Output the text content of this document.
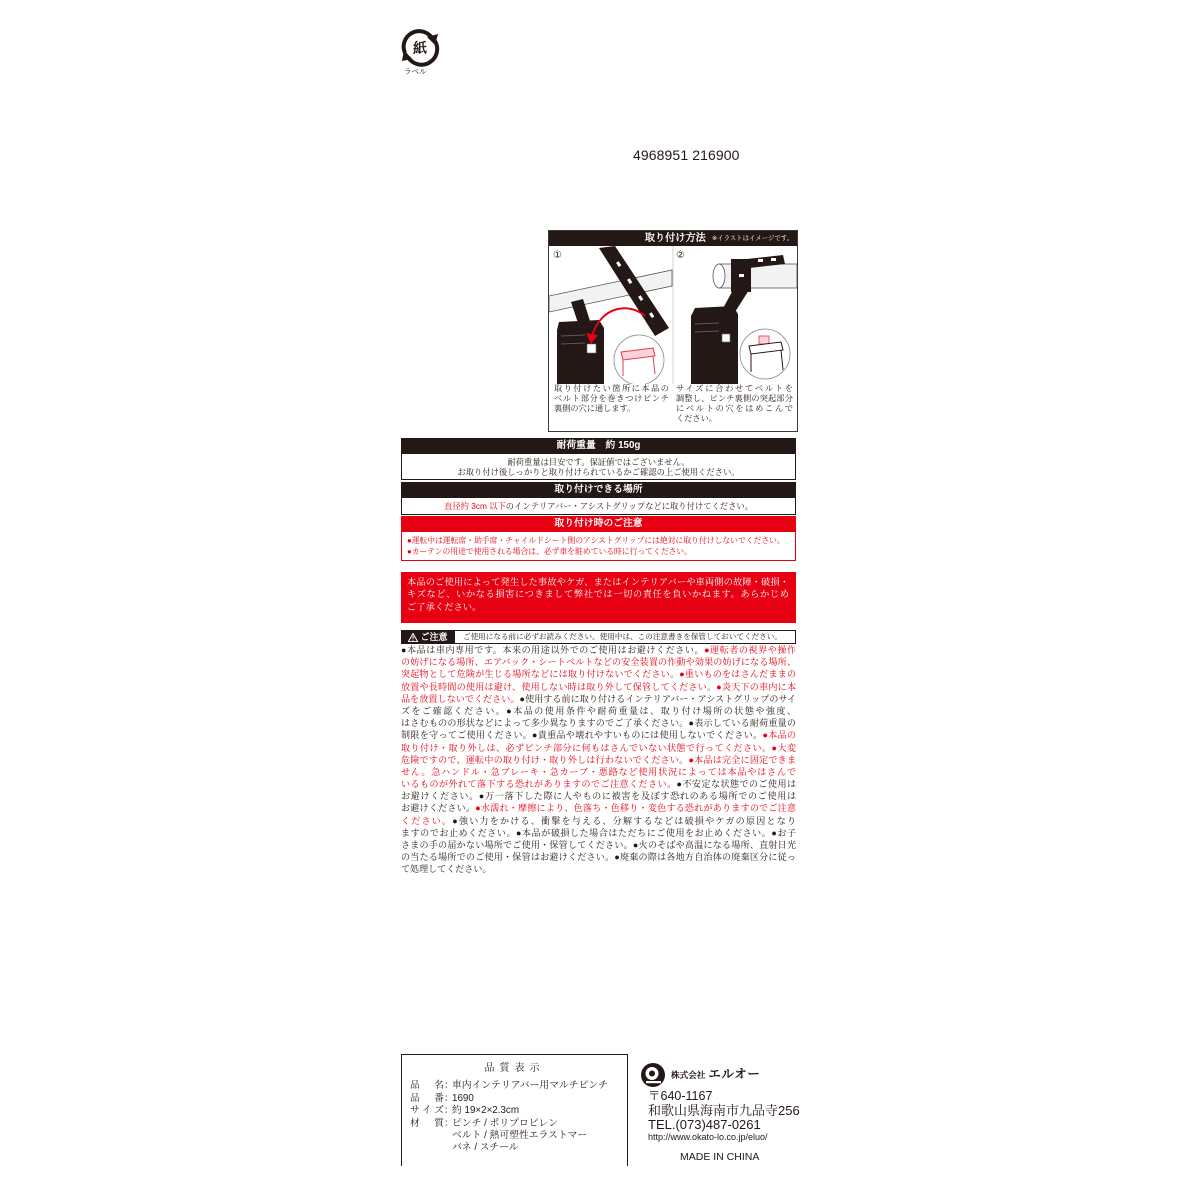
紙
ラベル
4968951 216900
取り付け方法 ※イラストはイメージです。
①	②
取り付けたい箇所に本品の
ベルト部分を巻きつけピンチ
裏側の穴に通します。
サイズに合わせてベルトを
調整し、ピンチ裏側の突起部分
にベルトの穴をはめこんで
ください。
耐荷重量　約 150g
耐荷重量は目安です。保証値ではございません。
お取り付け後しっかりと取り付けられているかご確認の上ご使用ください。
取り付けできる場所
直径約 3cm 以下のインテリアバー・アシストグリップなどに取り付けてください。
取り付け時のご注意
●運転中は運転席・助手席・チャイルドシート側のアシストグリップには絶対に取り付けしないでください。
●カーテンの用途で使用される場合は、必ず車を駐めている時に行ってください。
本品のご使用によって発生した事故やケガ、またはインテリアバーや車両側の故障・破損・
キズなど、いかなる損害につきまして弊社では一切の責任を負いかねます。あらかじめ
ご了承ください。
ご注意 ご使用になる前に必ずお読みください。使用中は、この注意書きを保管しておいてください。
●本品は車内専用です。本来の用途以外でのご使用はお避けください。●運転者の視界や操作
の妨げになる場所、エアバック・シートベルトなどの安全装置の作動や効果の妨げになる場所、
突起物として危険が生じる場所などには取り付けないでください。●重いものをはさんだままの
放置や長時間の使用は避け、使用しない時は取り外して保管してください。●炎天下の車内に本
品を放置しないでください。●使用する前に取り付けるインテリアバー・アシストグリップのサイ
ズをご確認ください。●本品の使用条件や耐荷重量は、取り付け場所の状態や強度、
はさむものの形状などによって多少異なりますのでご了承ください。●表示している耐荷重量の
制限を守ってご使用ください。●貴重品や壊れやすいものには使用しないでください。●本品の
取り付け・取り外しは、必ずピンチ部分に何もはさんでいない状態で行ってください。●大変
危険ですので、運転中の取り付け・取り外しは行わないでください。●本品は完全に固定できま
せん。急ハンドル・急ブレーキ・急カーブ・悪路など使用状況によっては本品やはさんで
いるものが外れて落下する恐れがありますのでご注意ください。●不安定な状態でのご使用は
お避けください。●万一落下した際に人やものに被害を及ぼす恐れのある場所でのご使用は
お避けください。●水濡れ・摩擦により、色落ち・色移り・変色する恐れがありますのでご注意
ください。●強い力をかける、衝撃を与える、分解するなどは破損やケガの原因となり
ますのでお止めください。●本品が破損した場合はただちにご使用をお止めください。●お子
さまの手の届かない場所でご使用・保管してください。●火のそばや高温になる場所、直射日光
の当たる場所でのご使用・保管はお避けください。●廃棄の際は各地方自治体の廃棄区分に従っ
て処理してください。
品質表示
品名：車内インテリアバー用マルチピンチ
品番：1690
サイズ：約 19×2×2.3cm
材質：ピンチ / ポリプロピレン
ベルト / 熱可塑性エラストマー
バネ / スチール
株式会社 エルオー
〒640-1167
和歌山県海南市九品寺256
TEL.(073)487-0261
http://www.okato-lo.co.jp/eluo/
MADE IN CHINA
